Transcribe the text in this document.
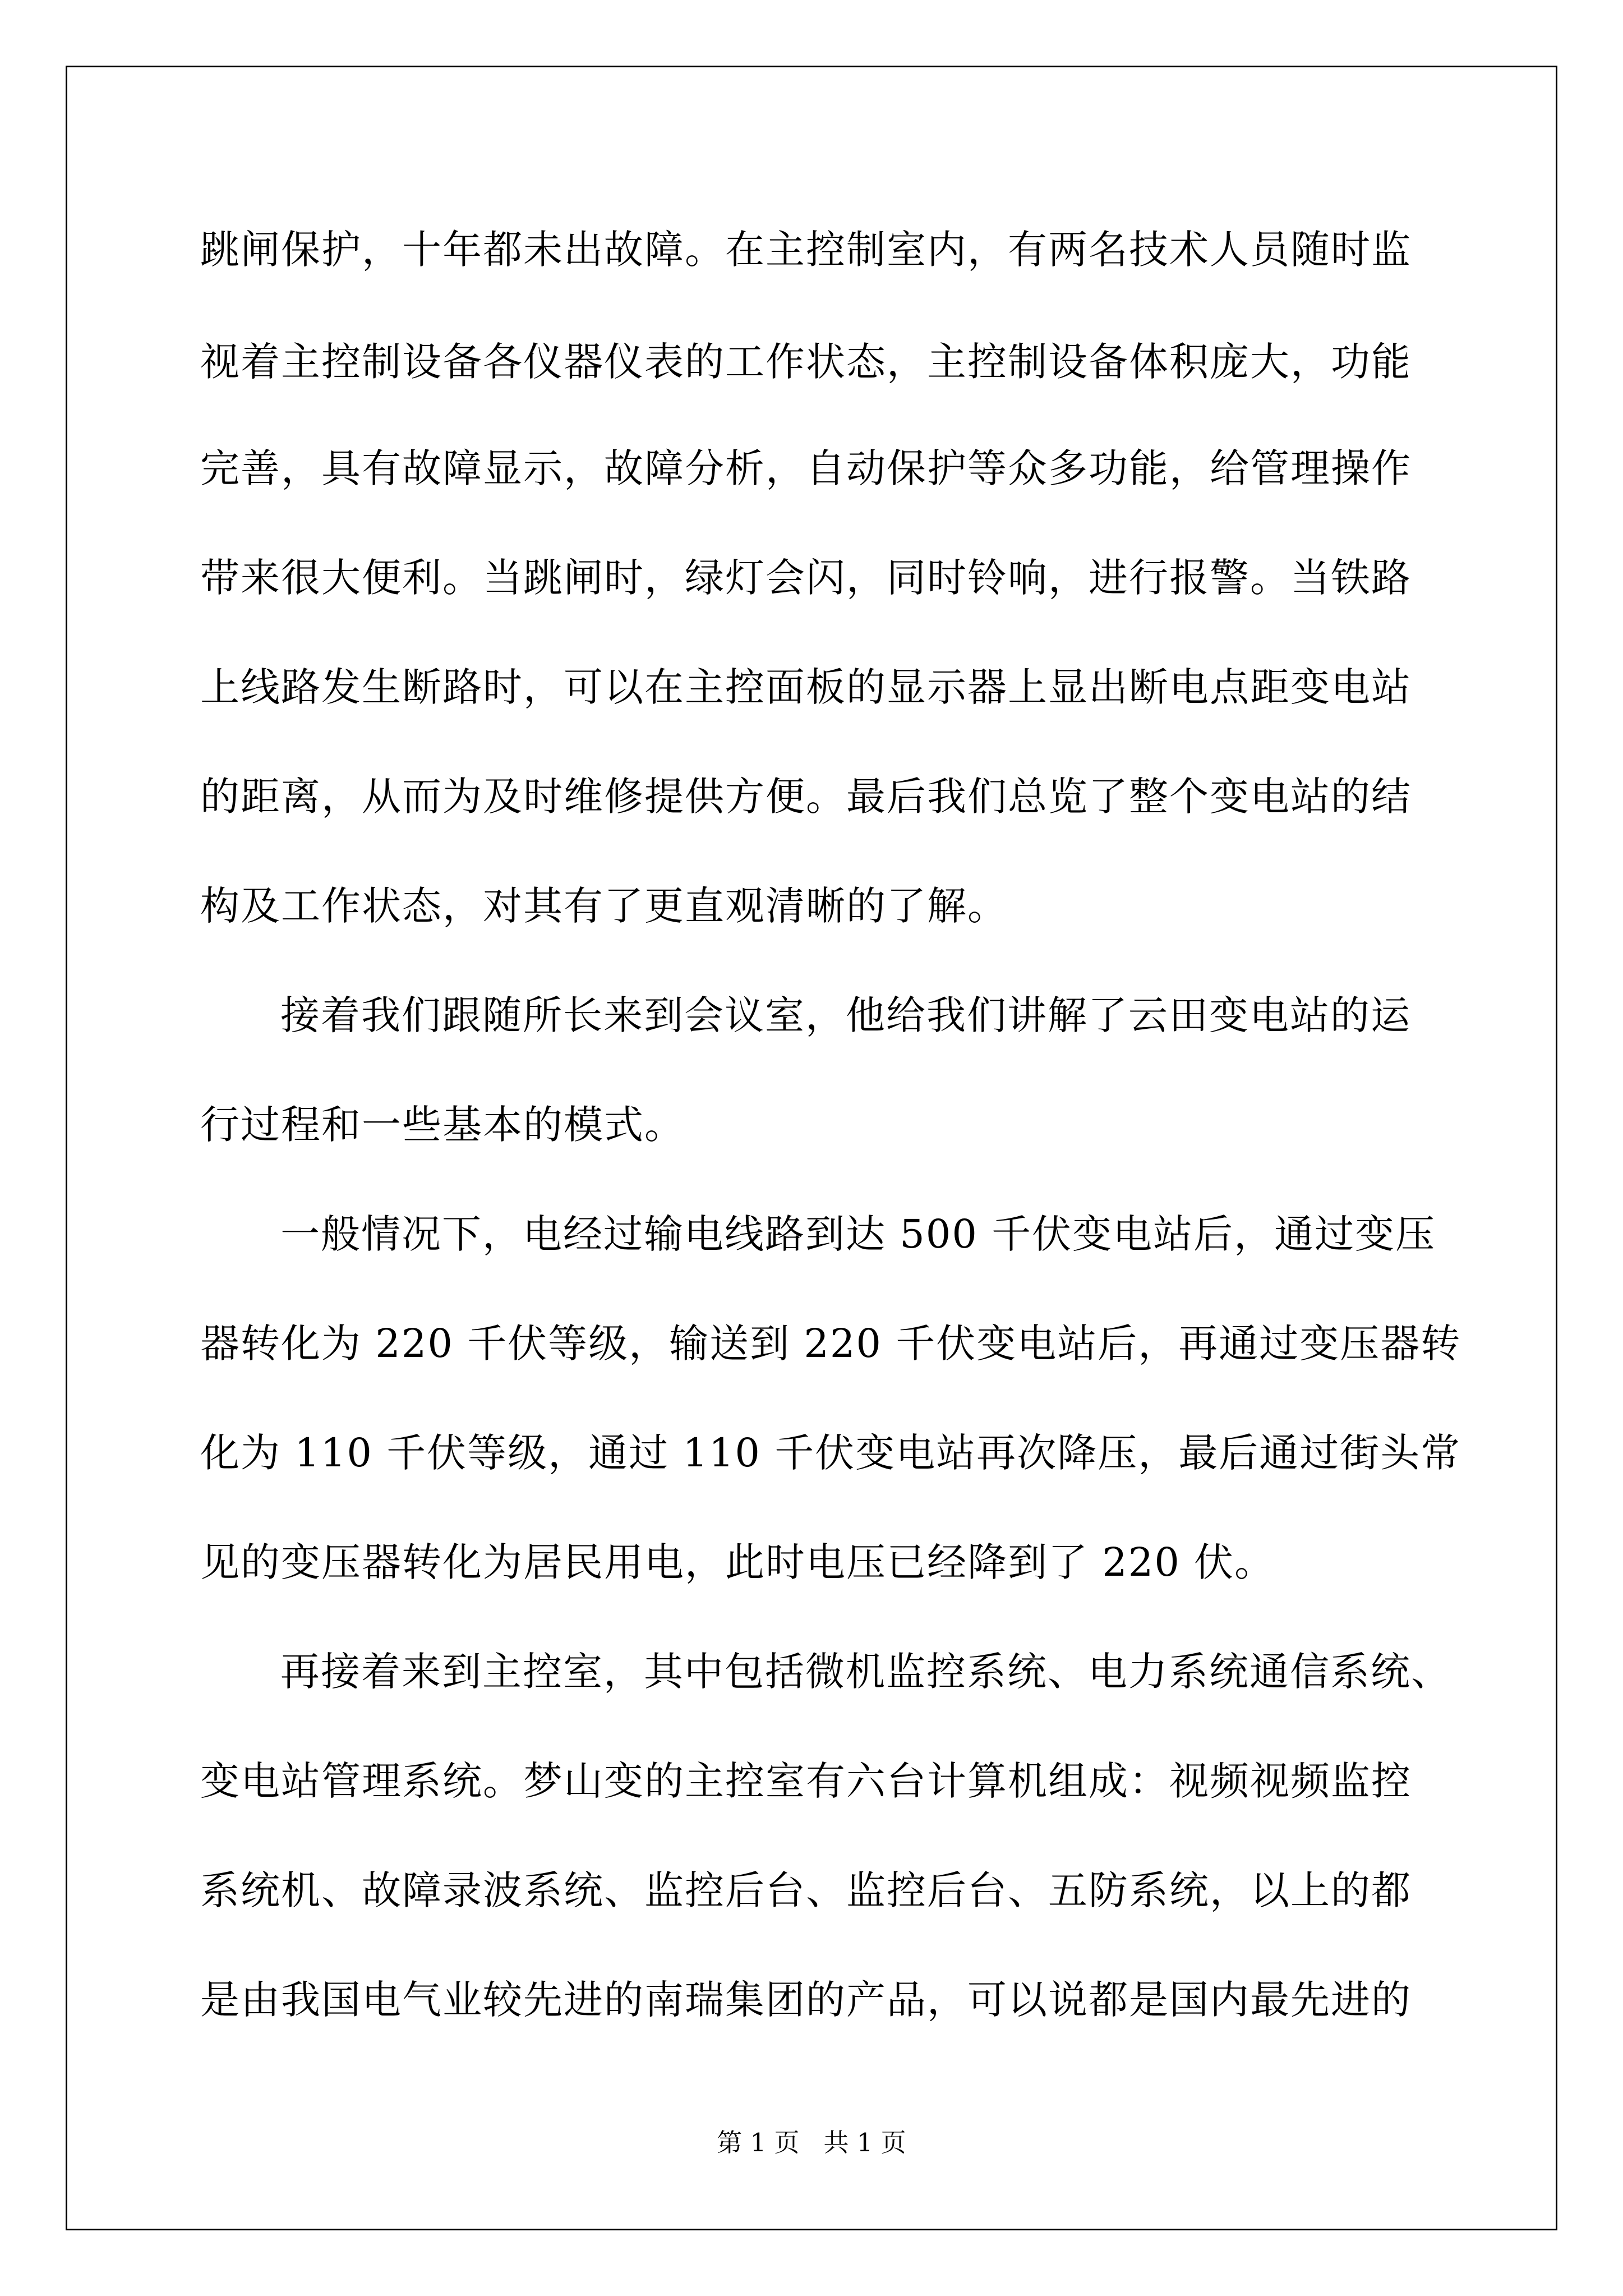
跳闸保护，十年都未出故障。在主控制室内，有两名技术人员随时监
视着主控制设备各仪器仪表的工作状态，主控制设备体积庞大，功能
完善，具有故障显示，故障分析，自动保护等众多功能，给管理操作
带来很大便利。当跳闸时，绿灯会闪，同时铃响，进行报警。当铁路
上线路发生断路时，可以在主控面板的显示器上显出断电点距变电站
的距离，从而为及时维修提供方便。最后我们总览了整个变电站的结
构及工作状态，对其有了更直观清晰的了解。
接着我们跟随所长来到会议室，他给我们讲解了云田变电站的运
行过程和一些基本的模式。
一般情况下，电经过输电线路到达 500 千伏变电站后，通过变压
器转化为 220 千伏等级，输送到 220 千伏变电站后，再通过变压器转
化为 110 千伏等级，通过 110 千伏变电站再次降压，最后通过街头常
见的变压器转化为居民用电，此时电压已经降到了 220 伏。
再接着来到主控室，其中包括微机监控系统、电力系统通信系统、
变电站管理系统。梦山变的主控室有六台计算机组成：视频视频监控
系统机、故障录波系统、监控后台、监控后台、五防系统，以上的都
是由我国电气业较先进的南瑞集团的产品，可以说都是国内最先进的
第 1 页   共 1 页
